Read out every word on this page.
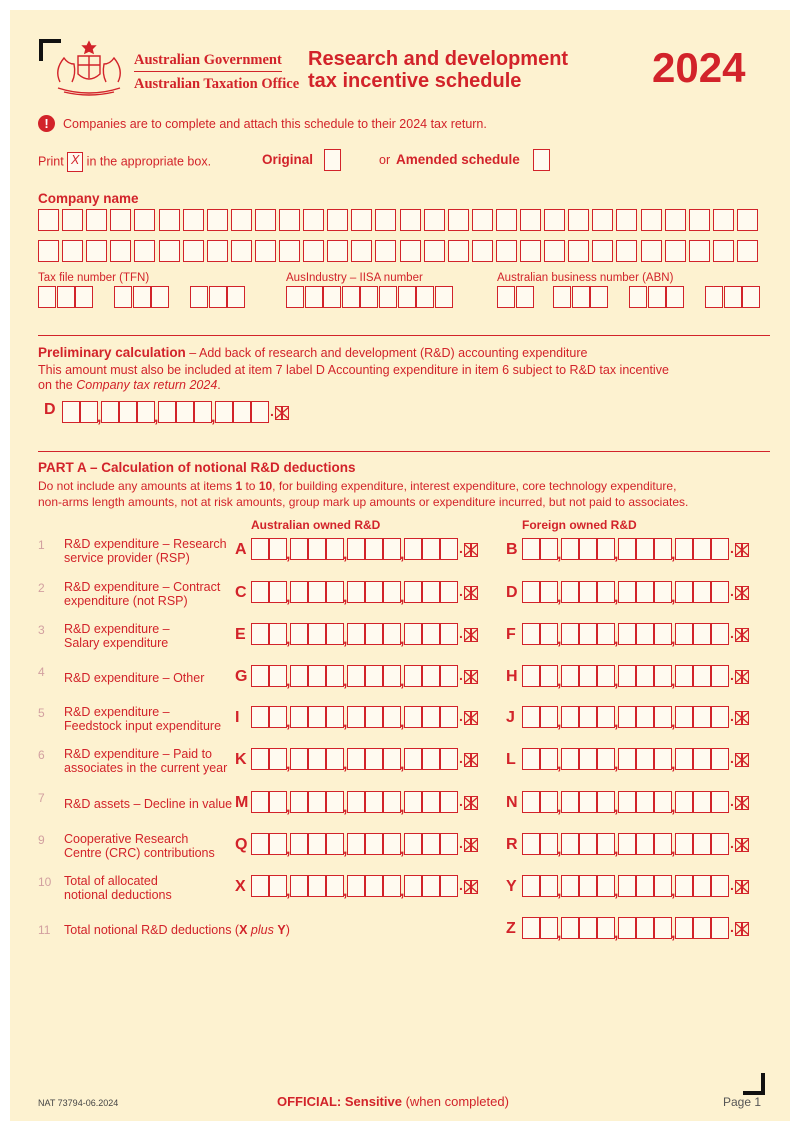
Australian Government
Australian Taxation Office
Research and development
tax incentive schedule	2024
!	Companies are to complete and attach this schedule to their 2024 tax return.
Print X in the appropriate box.	Original	or Amended schedule
Company name
Tax file number (TFN)	AusIndustry – IISA number	Australian business number (ABN)
Preliminary calculation – Add back of research and development (R&D) accounting expenditure
This amount must also be included at item 7 label D Accounting expenditure in item 6 subject to R&D tax incentive
on the Company tax return 2024.
D	,	,	,	.
PART A – Calculation of notional R&D deductions
Do not include any amounts at items 1 to 10, for building expenditure, interest expenditure, core technology expenditure,
non-arms length amounts, not at risk amounts, group mark up amounts or expenditure incurred, but not paid to associates.
Australian owned R&D	Foreign owned R&D
1 R&D expenditure – Research
service provider (RSP)	A ,	,	,	.	B ,	,	,	.
2 R&D expenditure – Contract
expenditure (not RSP)	C ,	,	,	.	D ,	,	,	.
3 R&D expenditure –
Salary expenditure	E	,	,	,	.	F	,	,	,	.
4 R&D expenditure – Other G ,	,	,	.	H ,	,	,	.
5 R&D expenditure –
Feedstock input expenditure I	,	,	,	.	J	,	,	,	.
6 R&D expenditure – Paid to
associates in the current year K ,	,	,	.	L	,	,	,	.
7 R&D assets – Decline in value M ,	,	,	.	N ,	,	,	.
9 Cooperative Research
Centre (CRC) contributions Q ,	,	,	.	R ,	,	,	.
10 Total of allocated
notional deductions	X	,	,	,	.	Y	,	,	,	.
11 Total notional R&D deductions (X plus Y)	Z	,	,	,	.
NAT 73794-06.2024	OFFICIAL: Sensitive (when completed)	Page 1
